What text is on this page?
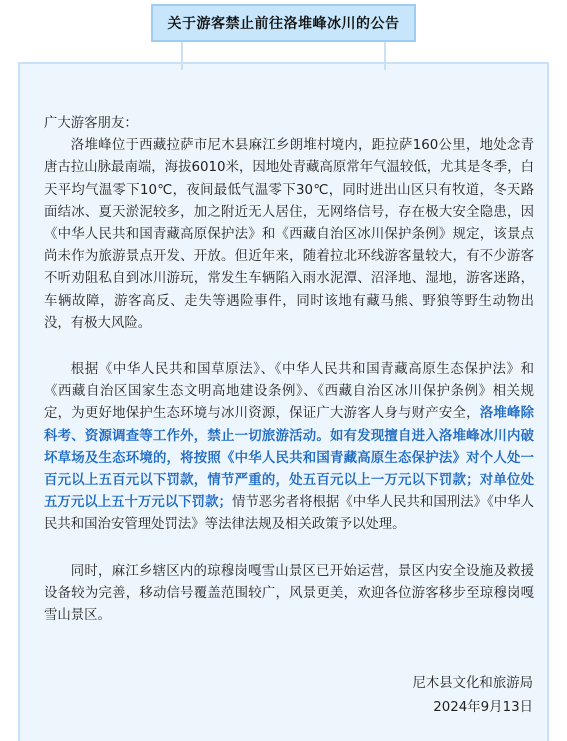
关于游客禁止前往洛堆峰冰川的公告

广大游客朋友：

洛堆峰位于西藏拉萨市尼木县麻江乡朗堆村境内，距拉萨160公里，地处念青唐古拉山脉最南端，海拔6010米，因地处青藏高原常年气温较低，尤其是冬季，白天平均气温零下10℃，夜间最低气温零下30℃，同时进出山区只有牧道，冬天路面结冰、夏天淤泥较多，加之附近无人居住，无网络信号，存在极大安全隐患，因《中华人民共和国青藏高原保护法》和《西藏自治区冰川保护条例》规定，该景点尚未作为旅游景点开发、开放。但近年来，随着拉北环线游客量较大，有不少游客不听劝阻私自到冰川游玩，常发生车辆陷入雨水泥潭、沼泽地、湿地，游客迷路，车辆故障，游客高反、走失等遇险事件，同时该地有藏马熊、野狼等野生动物出没，有极大风险。

根据《中华人民共和国草原法》、《中华人民共和国青藏高原生态保护法》和《西藏自治区国家生态文明高地建设条例》、《西藏自治区冰川保护条例》相关规定，为更好地保护生态环境与冰川资源，保证广大游客人身与财产安全，洛堆峰除科考、资源调查等工作外，禁止一切旅游活动。如有发现擅自进入洛堆峰冰川内破坏草场及生态环境的，将按照《中华人民共和国青藏高原生态保护法》对个人处一百元以上五百元以下罚款，情节严重的，处五百元以上一万元以下罚款；对单位处五万元以上五十万元以下罚款；情节恶劣者将根据《中华人民共和国刑法》《中华人民共和国治安管理处罚法》等法律法规及相关政策予以处理。

同时，麻江乡辖区内的琼穆岗嘎雪山景区已开始运营，景区内安全设施及救援设备较为完善，移动信号覆盖范围较广，风景更美，欢迎各位游客移步至琼穆岗嘎雪山景区。

尼木县文化和旅游局
2024年9月13日
